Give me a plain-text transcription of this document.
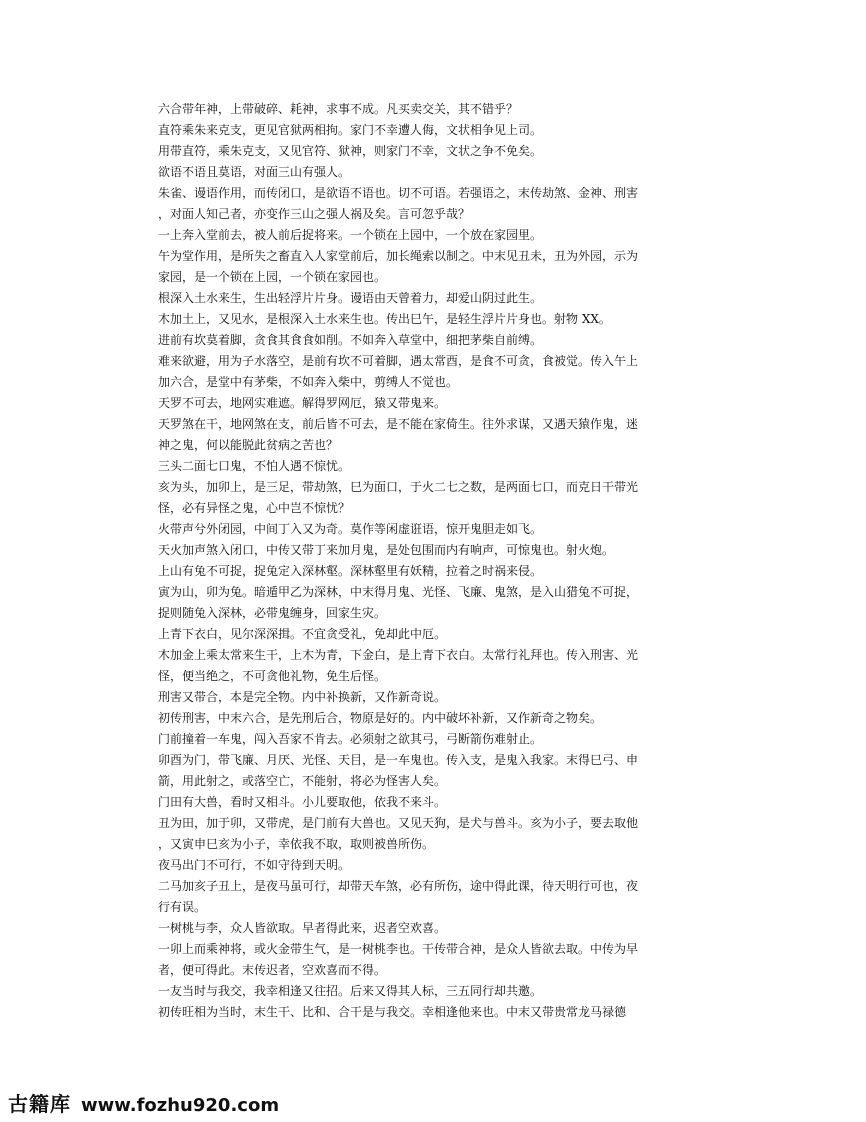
六合带年神，上带破碎、耗神，求事不成。凡买卖交关，其不错乎？
直符乘朱来克支，更见官狱两相拘。家门不幸遭人侮，文状相争见上司。
用带直符，乘朱克支，又见官符、狱神，则家门不幸，文状之争不免矣。
欲语不语且莫语，对面三山有强人。
朱雀、谩语作用，而传闭口，是欲语不语也。切不可语。若强语之，末传劫煞、金神、刑害
，对面人知己者，亦变作三山之强人祸及矣。言可忽乎哉？
一上奔入堂前去，被人前后捉将来。一个锁在上园中，一个放在家园里。
午为堂作用，是所失之畜直入人家堂前后，加长绳索以制之。中末见丑未，丑为外园，示为
家园，是一个锁在上园，一个锁在家园也。
根深入土水来生，生出轻浮片片身。谩语由天曾着力，却爱山阴过此生。
木加土上，又见水，是根深入土水来生也。传出巳午，是轻生浮片片身也。射物 XX。
进前有坎莫着脚，贪食其食食如削。不如奔入草堂中，细把茅柴自前缚。
难来欲避，用为子水落空，是前有坎不可着脚，遇太常酉，是食不可贪，食被觉。传入午上
加六合，是堂中有茅柴，不如奔入柴中，剪缚人不觉也。
天罗不可去，地网实难遮。解得罗网厄，猿又带鬼来。
天罗煞在干，地网煞在支，前后皆不可去，是不能在家倚生。往外求谋，又遇天猿作鬼，迷
神之鬼，何以能脱此贫病之苦也？
三头二面七口鬼，不怕人遇不惊忧。
亥为头，加卯上，是三足，带劫煞，巳为面口，于火二七之数，是两面七口，而克日干带光
怪，必有异怪之鬼，心中岂不惊忧？
火带声兮外闭园，中间丁入又为奇。莫作等闲虚诳语，惊开鬼胆走如飞。
天火加声煞入闭口，中传又带丁来加月鬼，是处包围而内有响声，可惊鬼也。射火炮。
上山有兔不可捉，捉兔定入深林壑。深林壑里有妖精，拉着之时祸来侵。
寅为山，卯为兔。暗遁甲乙为深林，中末得月鬼、光怪、飞廉、鬼煞，是入山猎兔不可捉，
捉则随兔入深林，必带鬼缠身，回家生灾。
上青下衣白，见尔深深揖。不宜贪受礼，免却此中厄。
木加金上乘太常来生干，上木为青，下金白，是上青下衣白。太常行礼拜也。传入刑害、光
怪，便当绝之，不可贪他礼物，免生后怪。
刑害又带合，本是完全物。内中补换新，又作新奇说。
初传刑害，中末六合，是先刑后合，物原是好的。内中破坏补新，又作新奇之物矣。
门前撞着一车鬼，闯入吾家不肯去。必须射之欲其弓，弓断箭伤难射止。
卯酉为门，带飞廉、月厌、光怪、天目，是一车鬼也。传入支，是鬼入我家。末得巳弓、申
箭，用此射之，或落空亡，不能射，将必为怪害人矣。
门田有大兽，看时又相斗。小儿要取他，依我不来斗。
丑为田，加于卯，又带虎，是门前有大兽也。又见天狗，是犬与兽斗。亥为小子，要去取他
，又寅申巳亥为小子，幸依我不取，取则被兽所伤。
夜马出门不可行，不如守待到天明。
二马加亥子丑上，是夜马虽可行，却带天车煞，必有所伤，途中得此课，待天明行可也，夜
行有误。
一树桃与李，众人皆欲取。早者得此来，迟者空欢喜。
一卯上而乘神将，或火金带生气，是一树桃李也。干传带合神，是众人皆欲去取。中传为早
者，便可得此。末传迟者，空欢喜而不得。
一友当时与我交，我幸相逢又往招。后来又得其人标，三五同行却共邀。
初传旺相为当时，末生干、比和、合干是与我交。幸相逢他来也。中末又带贵常龙马禄德
古籍库 www.fozhu920.com
